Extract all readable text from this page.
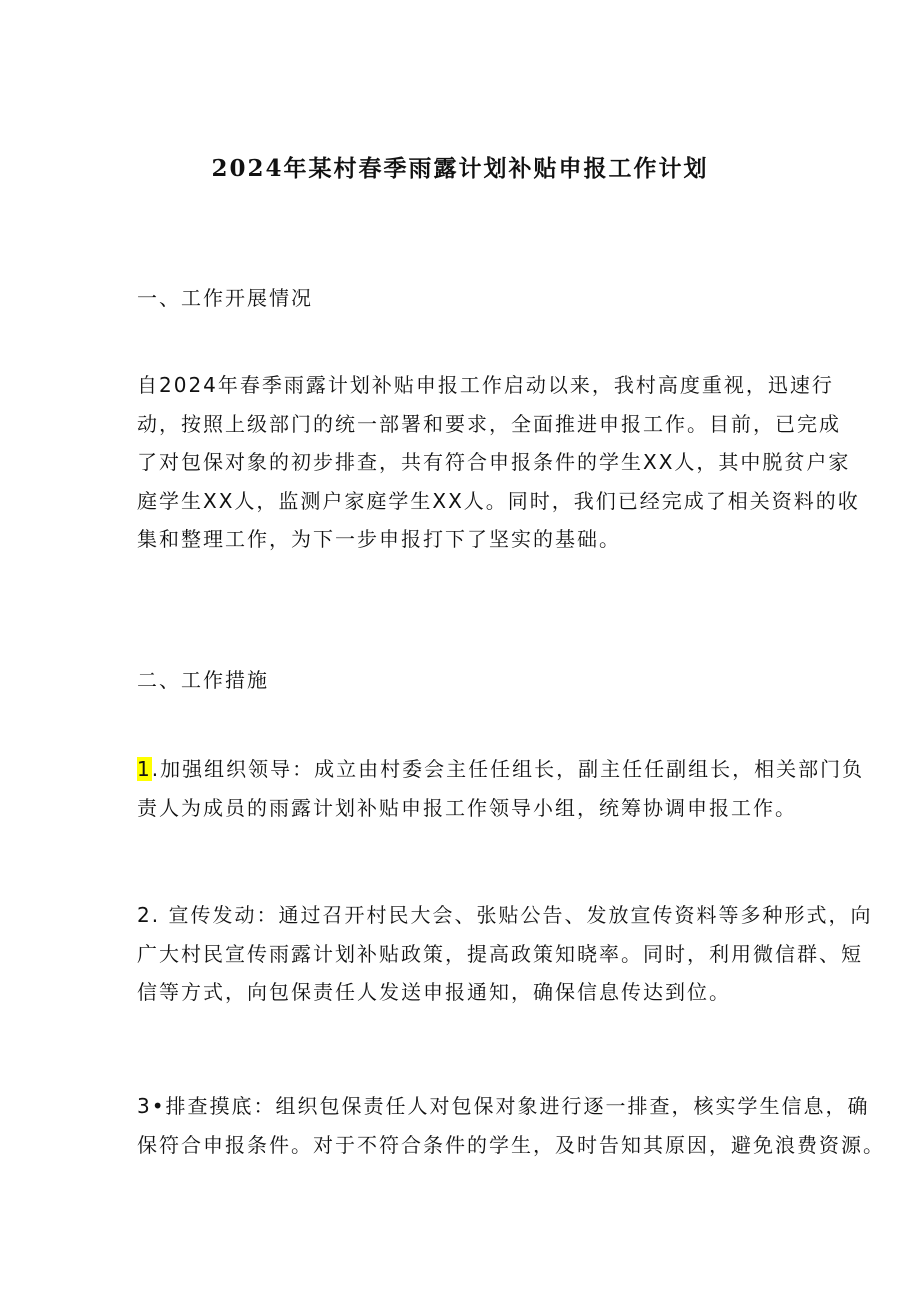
2024年某村春季雨露计划补贴申报工作计划
一、工作开展情况

自2024年春季雨露计划补贴申报工作启动以来，我村高度重视，迅速行
动，按照上级部门的统一部署和要求，全面推进申报工作。目前，已完成
了对包保对象的初步排查，共有符合申报条件的学生XX人，其中脱贫户家
庭学生XX人，监测户家庭学生XX人。同时，我们已经完成了相关资料的收
集和整理工作，为下一步申报打下了坚实的基础。

二、工作措施

1.加强组织领导：成立由村委会主任任组长，副主任任副组长，相关部门负
责人为成员的雨露计划补贴申报工作领导小组，统筹协调申报工作。

2. 宣传发动：通过召开村民大会、张贴公告、发放宣传资料等多种形式，向
广大村民宣传雨露计划补贴政策，提高政策知晓率。同时，利用微信群、短
信等方式，向包保责任人发送申报通知，确保信息传达到位。

3•排查摸底：组织包保责任人对包保对象进行逐一排查，核实学生信息，确
保符合申报条件。对于不符合条件的学生，及时告知其原因，避免浪费资源。
